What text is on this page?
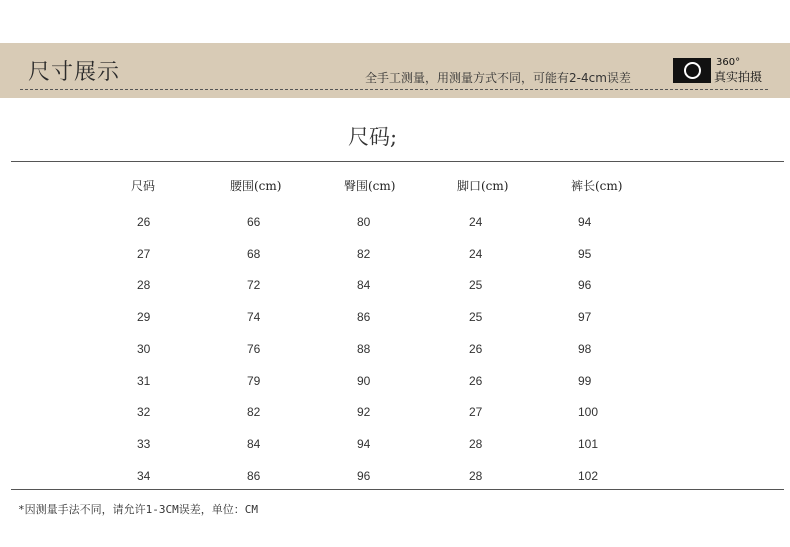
尺寸展示	全手工测量，用测量方式不同，可能有2-4cm误差
360°
真实拍摄
尺码;
尺码	腰围(cm)	臀围(cm)	脚口(cm)	裤长(cm)
26	66	80	24	94
27	68	82	24	95
28	72	84	25	96
29	74	86	25	97
30	76	88	26	98
31	79	90	26	99
32	82	92	27	100
33	84	94	28	101
34	86	96	28	102
*因测量手法不同，请允许1-3CM误差，单位：CM
